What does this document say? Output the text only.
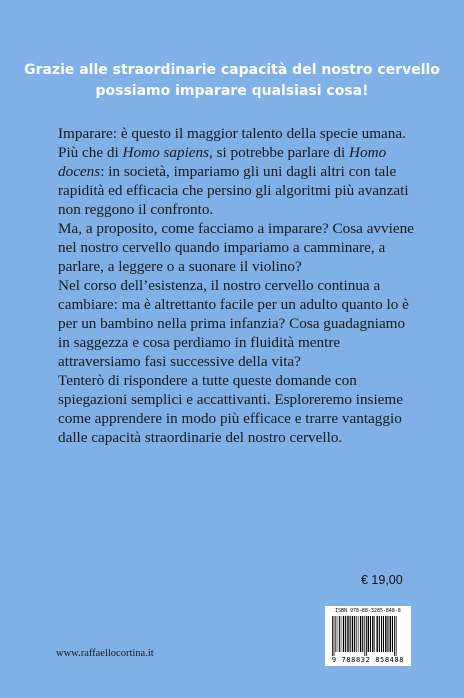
Grazie alle straordinarie capacità del nostro cervello
possiamo imparare qualsiasi cosa!

Imparare: è questo il maggior talento della specie umana. Più che di Homo sapiens, si potrebbe parlare di Homo docens: in società, impariamo gli uni dagli altri con tale rapidità ed efficacia che persino gli algoritmi più avanzati non reggono il confronto.

Ma, a proposito, come facciamo a imparare? Cosa avviene nel nostro cervello quando impariamo a camminare, a parlare, a leggere o a suonare il violino?

Nel corso dell’esistenza, il nostro cervello continua a cambiare: ma è altrettanto facile per un adulto quanto lo è per un bambino nella prima infanzia? Cosa guadagniamo in saggezza e cosa perdiamo in fluidità mentre attraversiamo fasi successive della vita?

Tenterò di rispondere a tutte queste domande con spiegazioni semplici e accattivanti. Esploreremo insieme come apprendere in modo più efficace e trarre vantaggio dalle capacità straordinarie del nostro cervello.

€ 19,00
ISBN 978-88-3285-848-8
9 788832 858488
www.raffaellocortina.it
